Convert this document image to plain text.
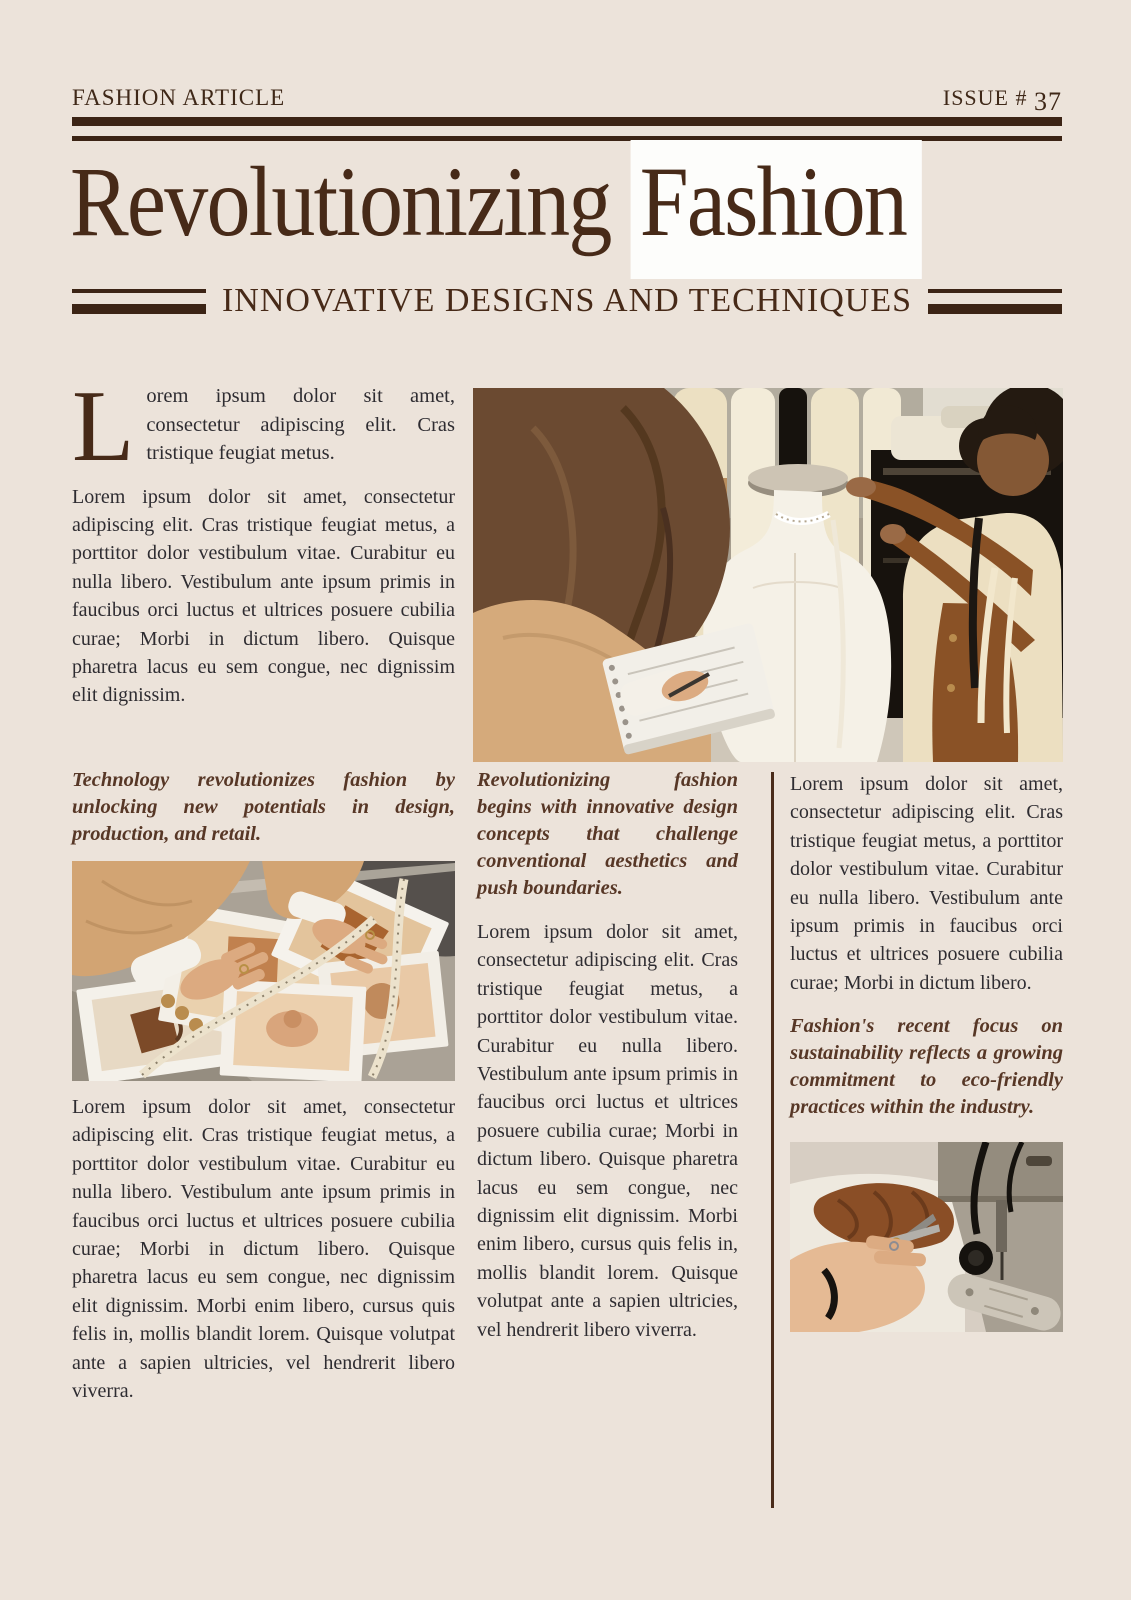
FASHION ARTICLE	ISSUE # 37
Revolutionizing Fashion
INNOVATIVE DESIGNS AND TECHNIQUES

Lorem ipsum dolor sit amet, consectetur adipiscing elit. Cras tristique feugiat metus.

Lorem ipsum dolor sit amet, consectetur adipiscing elit. Cras tristique feugiat metus, a porttitor dolor vestibulum vitae. Curabitur eu nulla libero. Vestibulum ante ipsum primis in faucibus orci luctus et ultrices posuere cubilia curae; Morbi in dictum libero. Quisque pharetra lacus eu sem congue, nec dignissim elit dignissim.

Technology revolutionizes fashion by unlocking new potentials in design, production, and retail.

Lorem ipsum dolor sit amet, consectetur adipiscing elit. Cras tristique feugiat metus, a porttitor dolor vestibulum vitae. Curabitur eu nulla libero. Vestibulum ante ipsum primis in faucibus orci luctus et ultrices posuere cubilia curae; Morbi in dictum libero. Quisque pharetra lacus eu sem congue, nec dignissim elit dignissim. Morbi enim libero, cursus quis felis in, mollis blandit lorem. Quisque volutpat ante a sapien ultricies, vel hendrerit libero viverra.

Revolutionizing fashion begins with innovative design concepts that challenge conventional aesthetics and push boundaries.

Lorem ipsum dolor sit amet, consectetur adipiscing elit. Cras tristique feugiat metus, a porttitor dolor vestibulum vitae. Curabitur eu nulla libero. Vestibulum ante ipsum primis in faucibus orci luctus et ultrices posuere cubilia curae; Morbi in dictum libero. Quisque pharetra lacus eu sem congue, nec dignissim elit dignissim. Morbi enim libero, cursus quis felis in, mollis blandit lorem. Quisque volutpat ante a sapien ultricies, vel hendrerit libero viverra.

Lorem ipsum dolor sit amet, consectetur adipiscing elit. Cras tristique feugiat metus, a porttitor dolor vestibulum vitae. Curabitur eu nulla libero. Vestibulum ante ipsum primis in faucibus orci luctus et ultrices posuere cubilia curae; Morbi in dictum libero.

Fashion's recent focus on sustainability reflects a growing commitment to eco-friendly practices within the industry.
